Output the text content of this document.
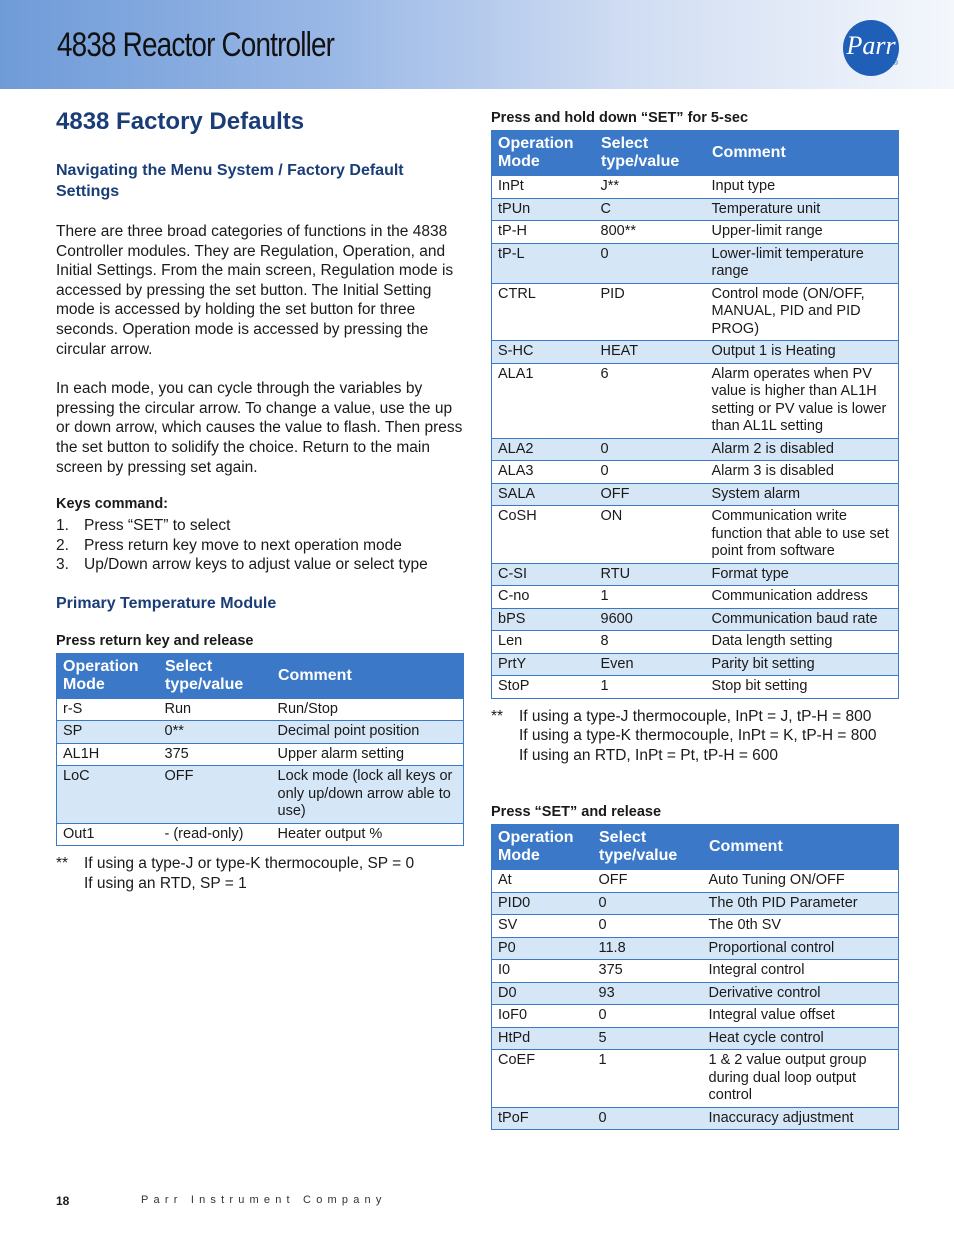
4838 Reactor Controller	Parr
®
4838 Factory Defaults
Navigating the Menu System / Factory Default Settings

There are three broad categories of functions in the 4838 Controller modules. They are Regulation, Operation, and Initial Settings. From the main screen, Regulation mode is accessed by pressing the set button. The Initial Setting mode is accessed by holding the set button for three seconds. Operation mode is accessed by pressing the circular arrow.

In each mode, you can cycle through the variables by pressing the circular arrow. To change a value, use the up or down arrow, which causes the value to flash. Then press the set button to solidify the choice. Return to the main screen by pressing set again.

Keys command:
1. Press “SET” to select
2. Press return key move to next operation mode
3. Up/Down arrow keys to adjust value or select type
Primary Temperature Module
Press return key and release
Operation Mode	Select type/value	Comment
r-S	Run	Run/Stop
SP	0**	Decimal point position
AL1H	375	Upper alarm setting
LoC	OFF	Lock mode (lock all keys or only up/down arrow able to use)
Out1	- (read-only)	Heater output %
**	If using a type-J or type-K thermocouple, SP = 0
If using an RTD, SP = 1
Press and hold down “SET” for 5-sec
Operation Mode	Select type/value	Comment
InPt	J**	Input type
tPUn	C	Temperature unit
tP-H	800**	Upper-limit range
tP-L	0	Lower-limit temperature range
CTRL	PID	Control mode (ON/OFF, MANUAL, PID and PID PROG)
S-HC	HEAT	Output 1 is Heating
ALA1	6	Alarm operates when PV value is higher than AL1H setting or PV value is lower than AL1L setting
ALA2	0	Alarm 2 is disabled
ALA3	0	Alarm 3 is disabled
SALA	OFF	System alarm
CoSH	ON	Communication write function that able to use set point from software
C-SI	RTU	Format type
C-no	1	Communication address
bPS	9600	Communication baud rate
Len	8	Data length setting
PrtY	Even	Parity bit setting
StoP	1	Stop bit setting
**	If using a type-J thermocouple, InPt = J, tP-H = 800
If using a type-K thermocouple, InPt = K, tP-H = 800
If using an RTD, InPt = Pt, tP-H = 600
Press “SET” and release
Operation Mode	Select type/value	Comment
At	OFF	Auto Tuning ON/OFF
PID0	0	The 0th PID Parameter
SV	0	The 0th SV
P0	11.8	Proportional control
I0	375	Integral control
D0	93	Derivative control
IoF0	0	Integral value offset
HtPd	5	Heat cycle control
CoEF	1	1 & 2 value output group during dual loop output control
tPoF	0	Inaccuracy adjustment
18	Parr Instrument Company
